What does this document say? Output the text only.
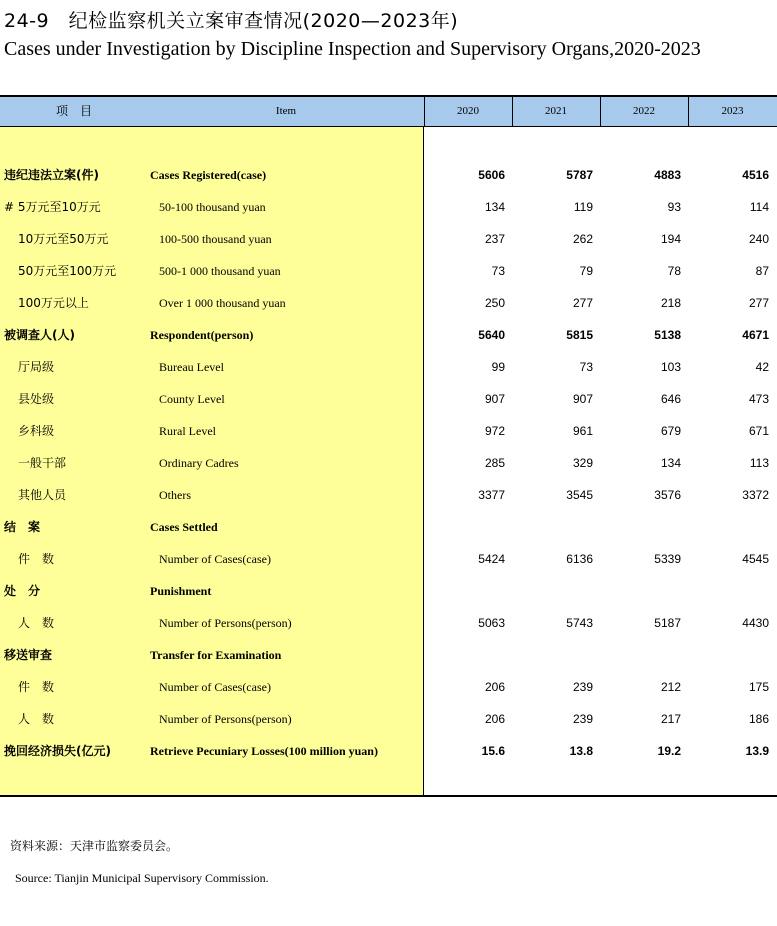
24-9　纪检监察机关立案审查情况(2020—2023年)
Cases under Investigation by Discipline Inspection and Supervisory Organs,2020-2023
项　目	Item	2020	2021	2022	2023
违纪违法立案(件)	Cases Registered(case)	5606	5787	4883	4516
# 5万元至10万元	50-100 thousand yuan	134	119	93	114
10万元至50万元	100-500 thousand yuan	237	262	194	240
50万元至100万元	500-1 000 thousand yuan	73	79	78	87
100万元以上	Over 1 000 thousand yuan	250	277	218	277
被调查人(人)	Respondent(person)	5640	5815	5138	4671
厅局级	Bureau Level	99	73	103	42
县处级	County Level	907	907	646	473
乡科级	Rural Level	972	961	679	671
一般干部	Ordinary Cadres	285	329	134	113
其他人员	Others	3377	3545	3576	3372
结　案	Cases Settled
件　数	Number of Cases(case)	5424	6136	5339	4545
处　分	Punishment
人　数	Number of Persons(person)	5063	5743	5187	4430
移送审查	Transfer for Examination
件　数	Number of Cases(case)	206	239	212	175
人　数	Number of Persons(person)	206	239	217	186
挽回经济损失(亿元)	Retrieve Pecuniary Losses(100 million yuan)	15.6	13.8	19.2	13.9
资料来源：天津市监察委员会。
Source: Tianjin Municipal Supervisory Commission.
